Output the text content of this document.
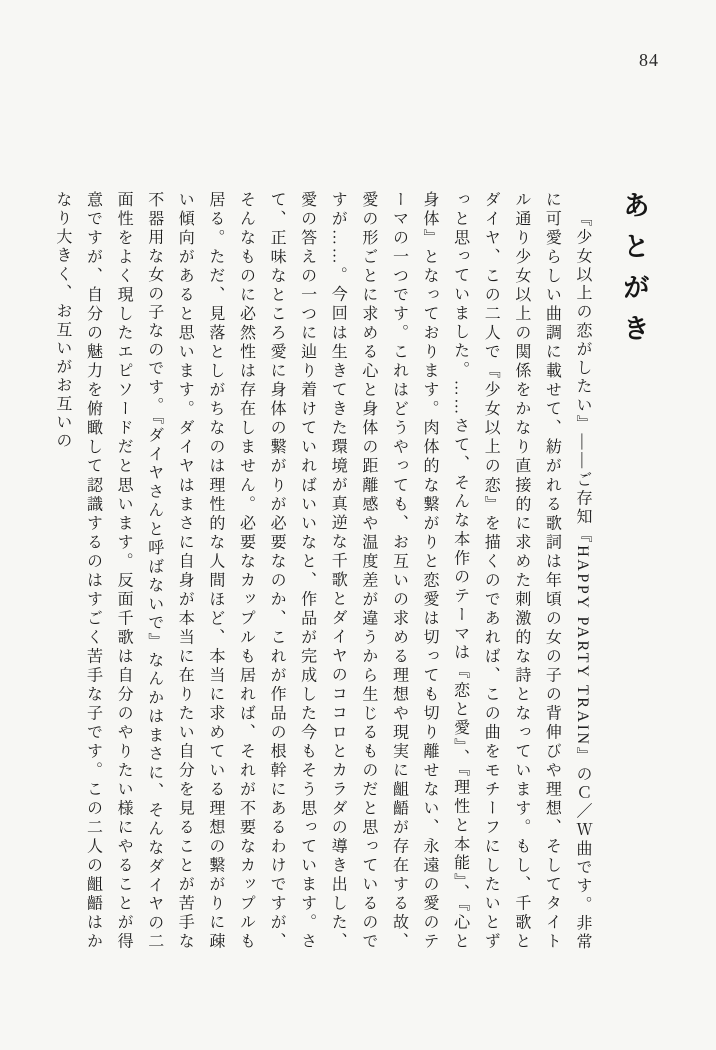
84
あとがき

『少女以上の恋がしたい』――ご存知『HAPPY PARTY TRAIN』のＣ／Ｗ曲です。非常に可愛らしい曲調に載せて、紡がれる歌詞は年頃の女の子の背伸びや理想、そしてタイトル通り少女以上の関係をかなり直接的に求めた刺激的な詩となっています。もし、千歌とダイヤ、この二人で『少女以上の恋』を描くのであれば、この曲をモチーフにしたいとずっと思っていました。……さて、そんな本作のテーマは『恋と愛』、『理性と本能』、『心と身体』となっております。肉体的な繋がりと恋愛は切っても切り離せない、永遠の愛のテーマの一つです。これはどうやっても、お互いの求める理想や現実に齟齬が存在する故、愛の形ごとに求める心と身体の距離感や温度差が違うから生じるものだと思っているのですが……。今回は生きてきた環境が真逆な千歌とダイヤのココロとカラダの導き出した、愛の答えの一つに辿り着けていればいいなと、作品が完成した今もそう思っています。さて、正味なところ愛に身体の繋がりが必要なのか、これが作品の根幹にあるわけですが、そんなものに必然性は存在しません。必要なカップルも居れば、それが不要なカップルも居る。ただ、見落としがちなのは理性的な人間ほど、本当に求めている理想の繋がりに疎い傾向があると思います。ダイヤはまさに自身が本当に在りたい自分を見ることが苦手な不器用な女の子なのです。『ダイヤさんと呼ばないで』なんかはまさに、そんなダイヤの二面性をよく現したエピソードだと思います。反面千歌は自分のやりたい様にやることが得意ですが、自分の魅力を俯瞰して認識するのはすごく苦手な子です。この二人の齟齬はかなり大きく、お互いがお互いの
